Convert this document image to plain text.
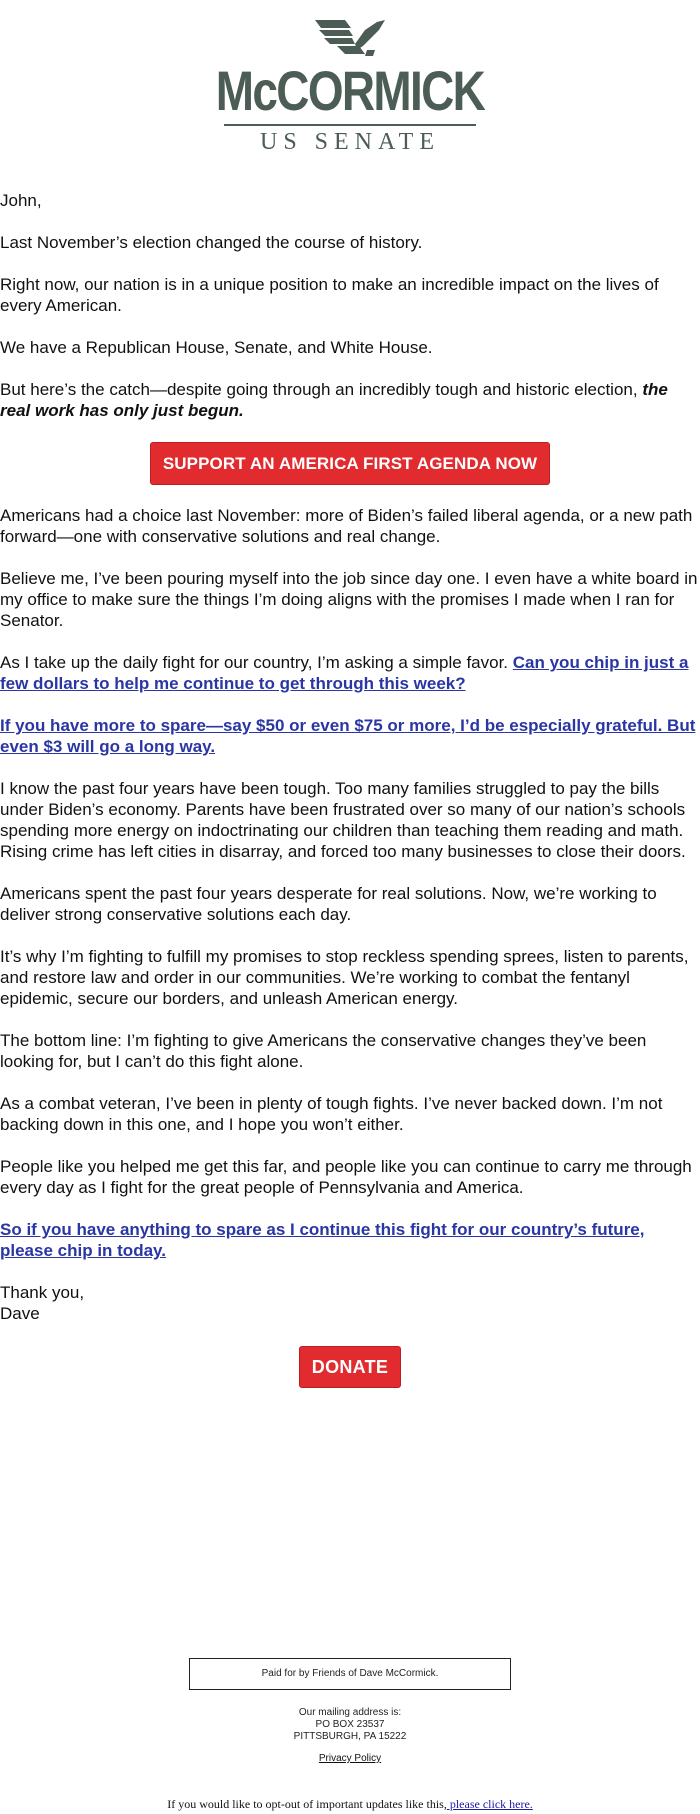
McCORMICK
US SENATE

John,

Last November’s election changed the course of history.

Right now, our nation is in a unique position to make an incredible impact on the lives of every American.

We have a Republican House, Senate, and White House.

But here’s the catch—despite going through an incredibly tough and historic election, the real work has only just begun.

SUPPORT AN AMERICA FIRST AGENDA NOW

Americans had a choice last November: more of Biden’s failed liberal agenda, or a new path forward—one with conservative solutions and real change.

Believe me, I’ve been pouring myself into the job since day one. I even have a white board in my office to make sure the things I’m doing aligns with the promises I made when I ran for Senator.

As I take up the daily fight for our country, I’m asking a simple favor. Can you chip in just a few dollars to help me continue to get through this week?

If you have more to spare—say $50 or even $75 or more, I’d be especially grateful. But even $3 will go a long way.

I know the past four years have been tough. Too many families struggled to pay the bills under Biden’s economy. Parents have been frustrated over so many of our nation’s schools spending more energy on indoctrinating our children than teaching them reading and math. Rising crime has left cities in disarray, and forced too many businesses to close their doors.

Americans spent the past four years desperate for real solutions. Now, we’re working to deliver strong conservative solutions each day.

It’s why I’m fighting to fulfill my promises to stop reckless spending sprees, listen to parents, and restore law and order in our communities. We’re working to combat the fentanyl epidemic, secure our borders, and unleash American energy.

The bottom line: I’m fighting to give Americans the conservative changes they’ve been looking for, but I can’t do this fight alone.

As a combat veteran, I’ve been in plenty of tough fights. I’ve never backed down. I’m not backing down in this one, and I hope you won’t either.

People like you helped me get this far, and people like you can continue to carry me through every day as I fight for the great people of Pennsylvania and America.

So if you have anything to spare as I continue this fight for our country’s future, please chip in today.

Thank you,
Dave

DONATE
Paid for by Friends of Dave McCormick.
Our mailing address is:
PO BOX 23537
PITTSBURGH, PA 15222
Privacy Policy
If you would like to opt-out of important updates like this, please click here.
